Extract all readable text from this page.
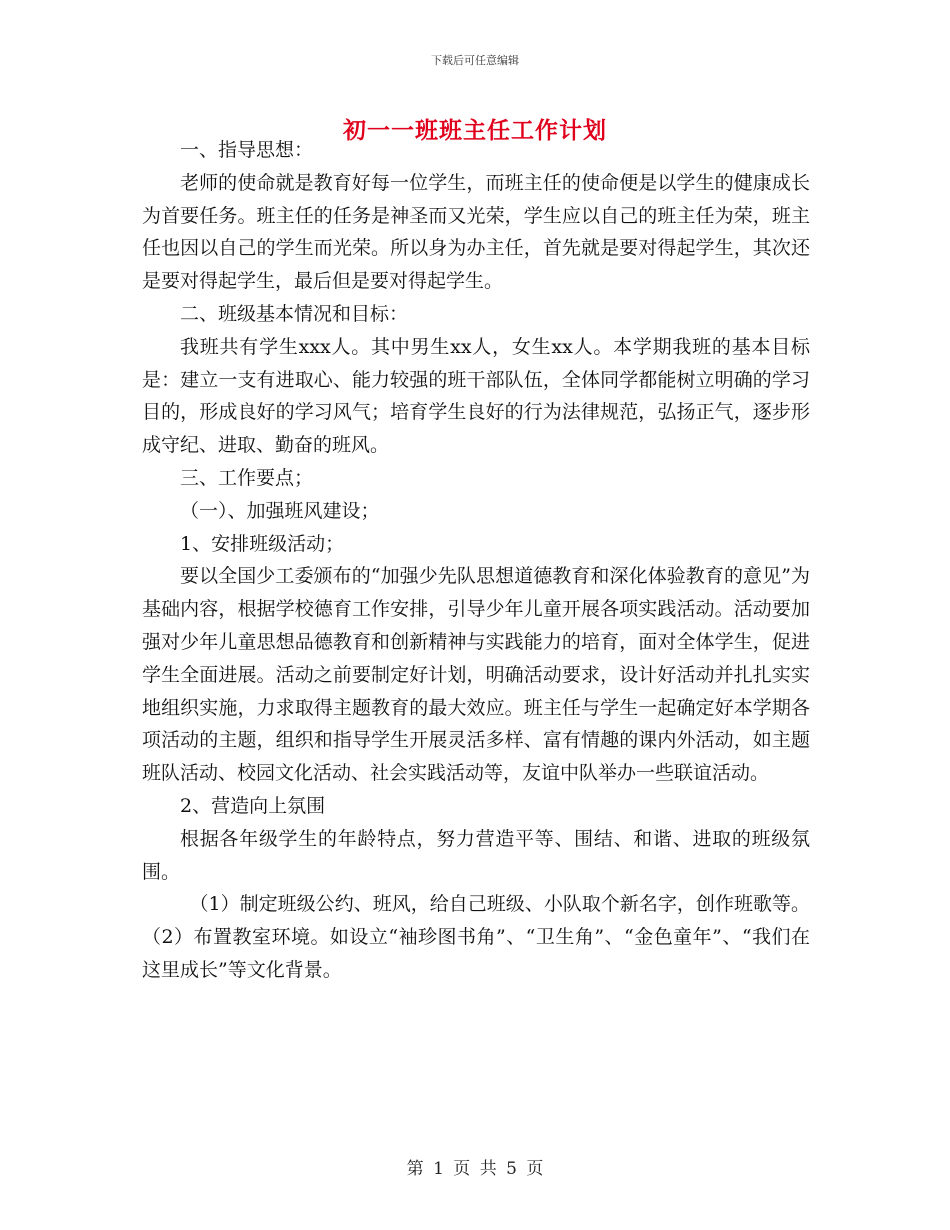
下载后可任意编辑
初一一班班主任工作计划

一、指导思想：

老师的使命就是教育好每一位学生，而班主任的使命便是以学生的健康成长为首要任务。班主任的任务是神圣而又光荣，学生应以自己的班主任为荣，班主任也因以自己的学生而光荣。所以身为办主任，首先就是要对得起学生，其次还是要对得起学生，最后但是要对得起学生。

二、班级基本情况和目标：

我班共有学生xxx人。其中男生xx人，女生xx人。本学期我班的基本目标是：建立一支有进取心、能力较强的班干部队伍，全体同学都能树立明确的学习目的，形成良好的学习风气；培育学生良好的行为法律规范，弘扬正气，逐步形成守纪、进取、勤奋的班风。

三、工作要点；

（一）、加强班风建设；

1、安排班级活动；

要以全国少工委颁布的“加强少先队思想道德教育和深化体验教育的意见”为基础内容，根据学校德育工作安排，引导少年儿童开展各项实践活动。活动要加强对少年儿童思想品德教育和创新精神与实践能力的培育，面对全体学生，促进学生全面进展。活动之前要制定好计划，明确活动要求，设计好活动并扎扎实实地组织实施，力求取得主题教育的最大效应。班主任与学生一起确定好本学期各项活动的主题，组织和指导学生开展灵活多样、富有情趣的课内外活动，如主题班队活动、校园文化活动、社会实践活动等，友谊中队举办一些联谊活动。

2、营造向上氛围

根据各年级学生的年龄特点，努力营造平等、围结、和谐、进取的班级氛围。

（1）制定班级公约、班风，给自己班级、小队取个新名字，创作班歌等。（2）布置教室环境。如设立“袖珍图书角”、“卫生角”、“金色童年”、“我们在这里成长”等文化背景。

第 1 页 共 5 页
